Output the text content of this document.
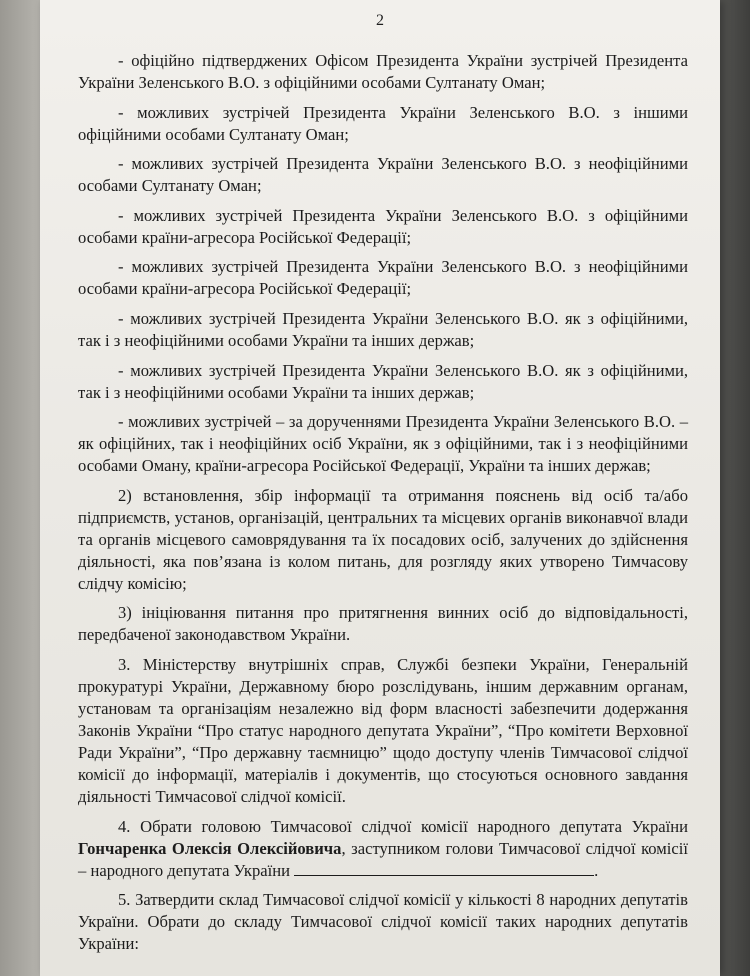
2

- офіційно підтверджених Офісом Президента України зустрічей Президента України Зеленського В.О. з офіційними особами Султанату Оман;

- можливих зустрічей Президента України Зеленського В.О. з іншими офіційними особами Султанату Оман;

- можливих зустрічей Президента України Зеленського В.О. з неофіційними особами Султанату Оман;

- можливих зустрічей Президента України Зеленського В.О. з офіційними особами країни-агресора Російської Федерації;

- можливих зустрічей Президента України Зеленського В.О. з неофіційними особами країни-агресора Російської Федерації;

- можливих зустрічей Президента України Зеленського В.О. як з офіційними, так і з неофіційними особами України та інших держав;

- можливих зустрічей Президента України Зеленського В.О. як з офіційними, так і з неофіційними особами України та інших держав;

- можливих зустрічей – за дорученнями Президента України Зеленського В.О. – як офіційних, так і неофіційних осіб України, як з офіційними, так і з неофіційними особами Оману, країни-агресора Російської Федерації, України та інших держав;

2) встановлення, збір інформації та отримання пояснень від осіб та/або підприємств, установ, організацій, центральних та місцевих органів виконавчої влади та органів місцевого самоврядування та їх посадових осіб, залучених до здійснення діяльності, яка пов’язана із колом питань, для розгляду яких утворено Тимчасову слідчу комісію;

3) ініціювання питання про притягнення винних осіб до відповідальності, передбаченої законодавством України.

3. Міністерству внутрішніх справ, Службі безпеки України, Генеральній прокуратурі України, Державному бюро розслідувань, іншим державним органам, установам та організаціям незалежно від форм власності забезпечити додержання Законів України “Про статус народного депутата України”, “Про комітети Верховної Ради України”, “Про державну таємницю” щодо доступу членів Тимчасової слідчої комісії до інформації, матеріалів і документів, що стосуються основного завдання діяльності Тимчасової слідчої комісії.

4. Обрати головою Тимчасової слідчої комісії народного депутата України Гончаренка Олексія Олексійовича, заступником голови Тимчасової слідчої комісії – народного депутата України	.

5. Затвердити склад Тимчасової слідчої комісії у кількості 8 народних депутатів України. Обрати до складу Тимчасової слідчої комісії таких народних депутатів України:
